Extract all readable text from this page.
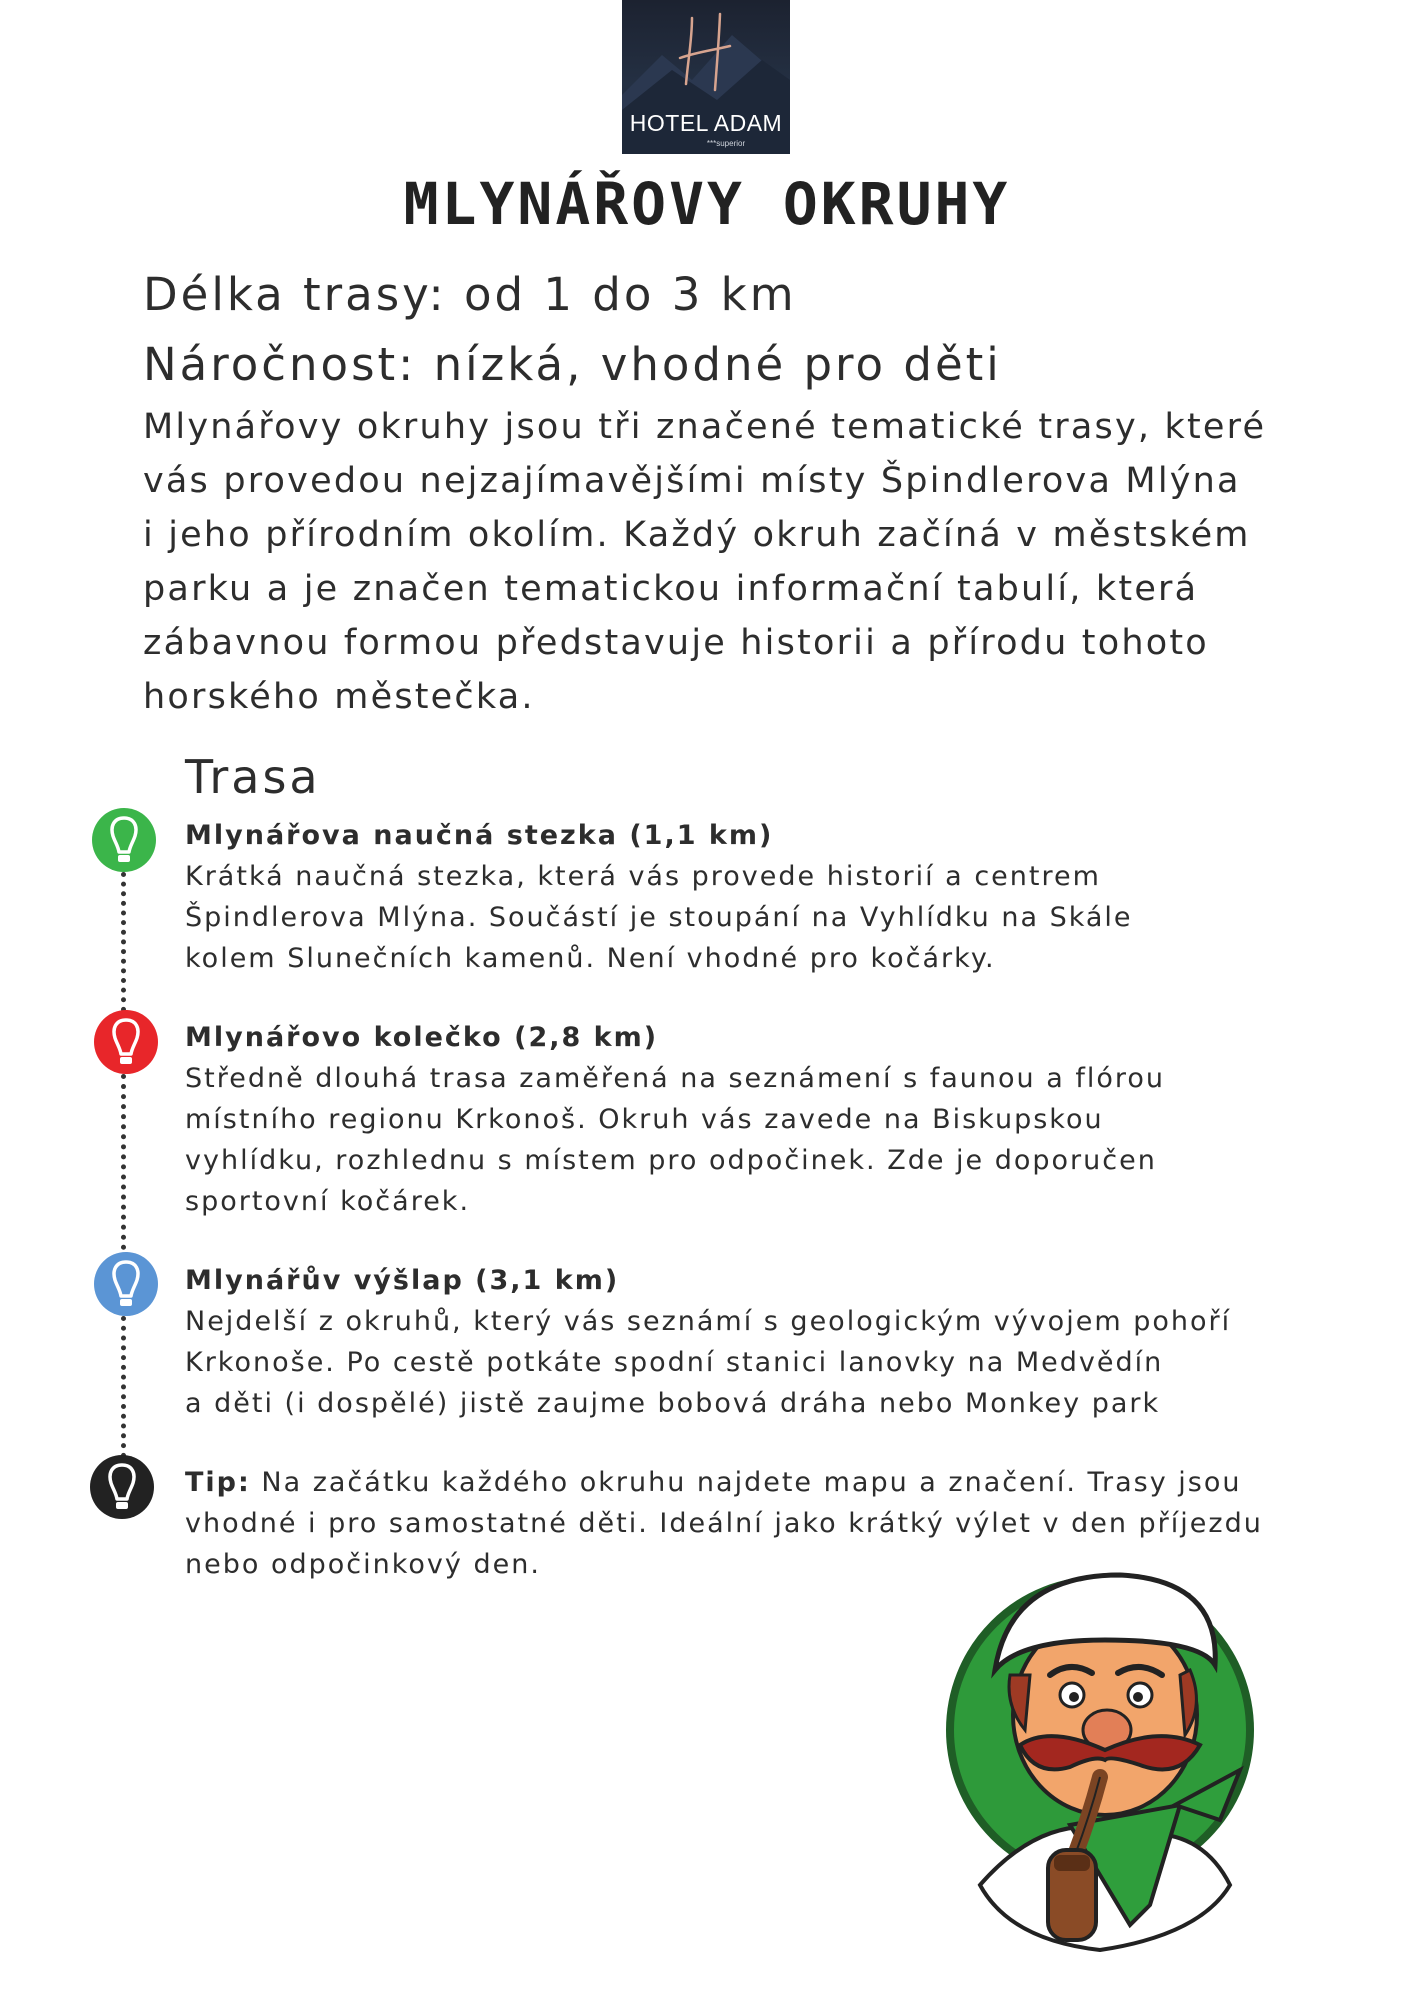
HOTEL ADAM
***superior
MLYNÁŘOVY OKRUHY
Délka trasy: od 1 do 3 km
Náročnost: nízká, vhodné pro děti
Mlynářovy okruhy jsou tři značené tematické trasy, které
vás provedou nejzajímavějšími místy Špindlerova Mlýna
i jeho přírodním okolím. Každý okruh začíná v městském
parku a je značen tematickou informační tabulí, která
zábavnou formou představuje historii a přírodu tohoto
horského městečka.
Trasa
Mlynářova naučná stezka (1,1 km)
Krátká naučná stezka, která vás provede historií a centrem
Špindlerova Mlýna. Součástí je stoupání na Vyhlídku na Skále
kolem Slunečních kamenů. Není vhodné pro kočárky.
Mlynářovo kolečko (2,8 km)
Středně dlouhá trasa zaměřená na seznámení s faunou a flórou
místního regionu Krkonoš. Okruh vás zavede na Biskupskou
vyhlídku, rozhlednu s místem pro odpočinek. Zde je doporučen
sportovní kočárek.
Mlynářův výšlap (3,1 km)
Nejdelší z okruhů, který vás seznámí s geologickým vývojem pohoří
Krkonoše. Po cestě potkáte spodní stanici lanovky na Medvědín
a děti (i dospělé) jistě zaujme bobová dráha nebo Monkey park
Tip: Na začátku každého okruhu najdete mapu a značení. Trasy jsou
vhodné i pro samostatné děti. Ideální jako krátký výlet v den příjezdu
nebo odpočinkový den.
